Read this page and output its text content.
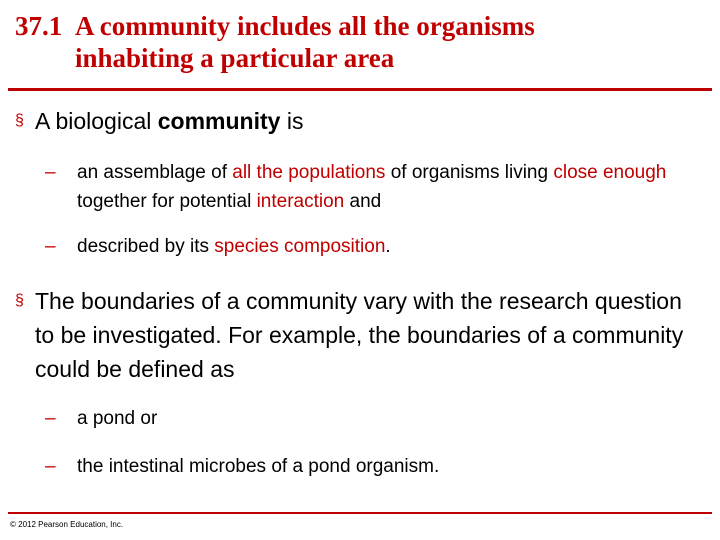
37.1 A community includes all the organisms
inhabiting a particular area
§ A biological community is
– an assemblage of all the populations of organisms living close enough together for potential interaction and
– described by its species composition.
§ The boundaries of a community vary with the research question to be investigated. For example, the boundaries of a community could be defined as
– a pond or
– the intestinal microbes of a pond organism.
© 2012 Pearson Education, Inc.
